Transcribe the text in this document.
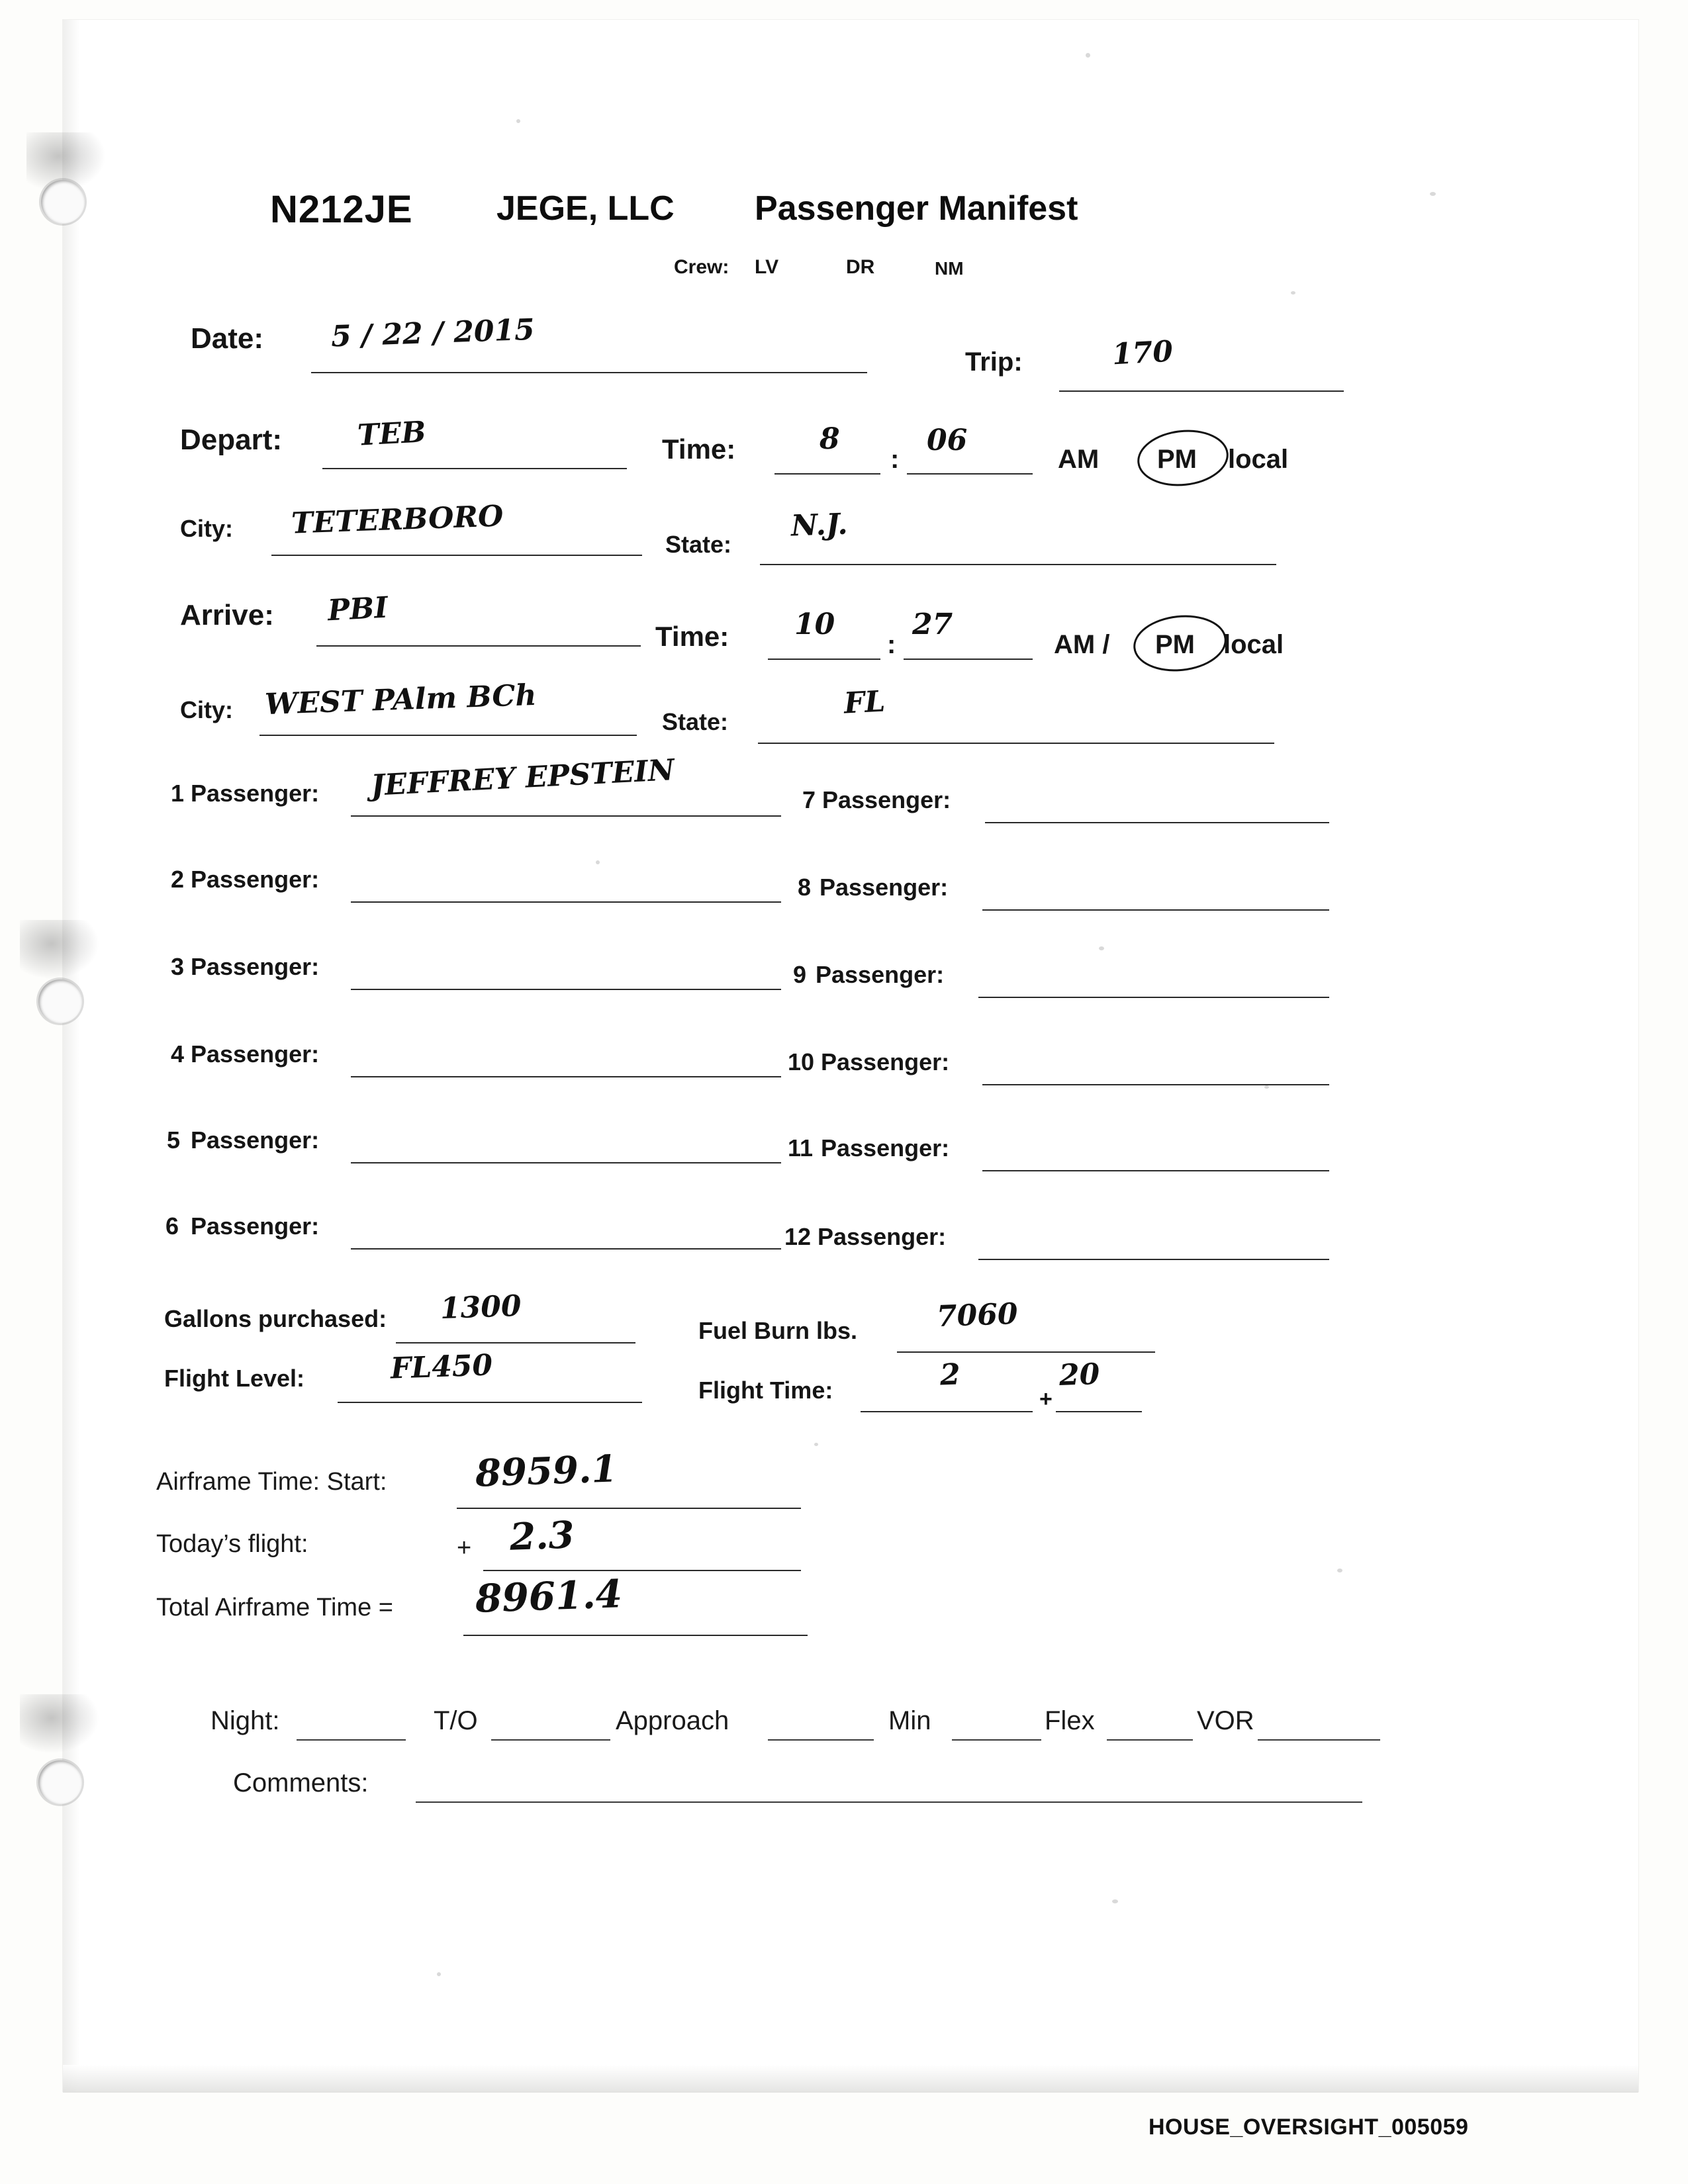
N212JE JEGE, LLC Passenger Manifest
Crew: LV	DR	NM
Date: 5 / 22 / 2015
Trip:	170
Depart:	TEB	Time:	8
:
06
AM PM local
City: TETERBORO
State:
N.J.
Arrive: PBI
Time: 10
:
27
AM / PM local
City: WEST PAlm BCh
State:
FL
1 Passenger: JEFFREY EPSTEIN
2 Passenger:
3 Passenger:
4 Passenger:
5 Passenger:
6 Passenger:
7 Passenger:
8 Passenger:
9 Passenger:
10 Passenger:
11 Passenger:
12 Passenger:
Gallons purchased: 1300
Fuel Burn lbs.	7060
Flight Level:	FL450
Flight Time:	2
+
20
Airframe Time: Start: 8959.1
Today’s flight:	+ 2.3
Total Airframe Time = 8961.4
Night:	T/O	Approach	Min	Flex	VOR
Comments:
HOUSE_OVERSIGHT_005059
